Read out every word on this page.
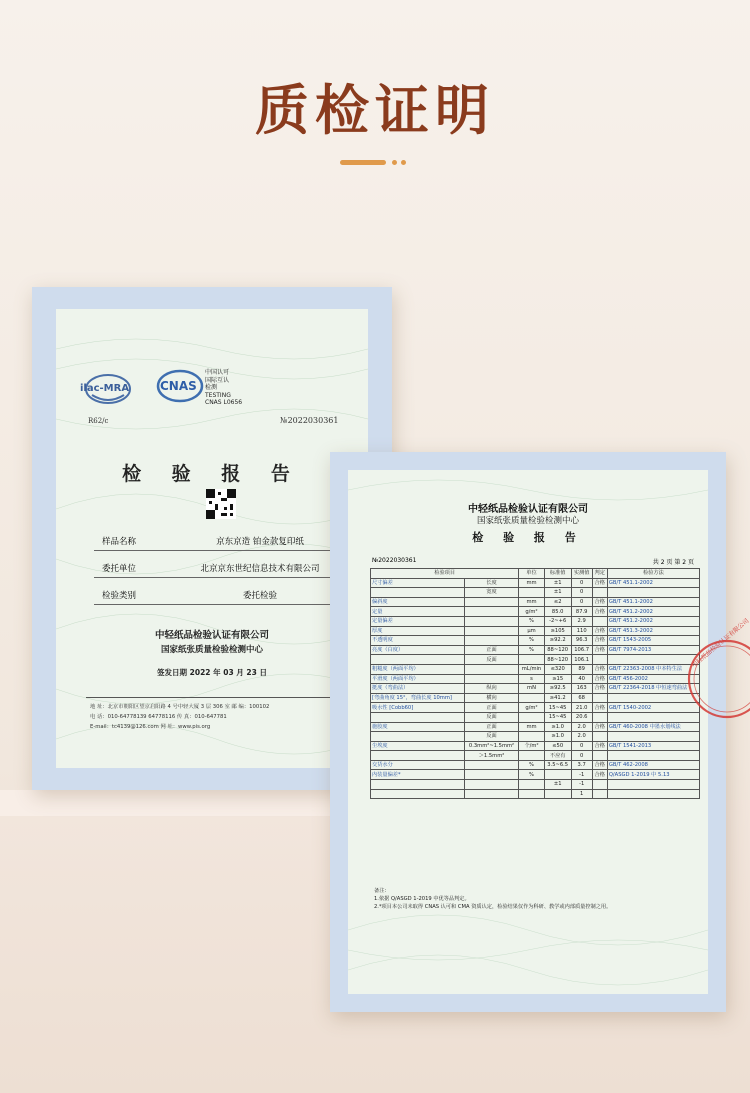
质检证明
ilac-MRA	CNAS
中国认可
国际互认
检测
TESTING
CNAS L0656
R62/c	№2022030361
检 验 报 告
样品名称	京东京造 铂金款复印纸
委托单位	北京京东世纪信息技术有限公司
检验类别	委托检验
中轻纸品检验认证有限公司
国家纸张质量检验检测中心
签发日期 2022 年 03 月 23 日
地 址：北京市朝阳区望京启阳路 4 号中轻大厦 3 层 306 室 邮 编：100102
电 话：010-64778139 64778116 传 真：010-647781
E-mail：tc4139@126.com 网 址：www.pis.org
中轻纸品检验认证有限公司
国家纸张质量检验检测中心
检 验 报 告
№2022030361	共 2 页 第 2 页
检验项目		单位	标准值	实测值	判定	检验方法
尺寸偏差	长度	mm	±1	0	合格	GB/T 451.1-2002
	宽度		±1	0		
偏斜度		mm	≤2	0	合格	GB/T 451.1-2002
定量		g/m²	85.0	87.9	合格	GB/T 451.2-2002
定量偏差		%	-2~+6	2.9		GB/T 451.2-2002
厚度		μm	≥105	110	合格	GB/T 451.3-2002
不透明度		%	≥92.2	96.3	合格	GB/T 1543-2005
亮度（白度）	正面	%	88~120	106.7	合格	GB/T 7974-2013
	反面		88~120	106.1		
粗糙度（两面平均）		mL/min	≤320	89	合格	GB/T 22363-2008 中本特生法
平滑度（两面平均）		s	≥15	40	合格	GB/T 456-2002
挺度（弯曲法）	纵向	mN	≥92.5	163	合格	GB/T 22364-2018 中恒速弯曲法
[弯曲角度 15°，弯曲长度 10mm]	横向		≥41.2	68		
吸水性 [Cobb60]	正面	g/m²	15~45	21.0	合格	GB/T 1540-2002
	反面		15~45	20.6		
施胶度	正面	mm	≥1.0	2.0	合格	GB/T 460-2008 中墨水划线法
	反面		≥1.0	2.0		
尘埃度	0.3mm²~1.5mm²	个/m²	≤50	0	合格	GB/T 1541-2013
	＞1.5mm²		不应有	0		
交货水分		%	3.5~6.5	3.7	合格	GB/T 462-2008
内装量偏差*		%		-1	合格	Q/ASGD 1-2019 中 5.13
			±1	-1		
				1		
备注：
1.依据 Q/ASGD 1-2019 中优等品判定。
2.*项目本公司未取得 CNAS 认可和 CMA 资质认定，检验结果仅作为科研、教学或内部质量控制之用。
中轻纸品检验认证有限公司
